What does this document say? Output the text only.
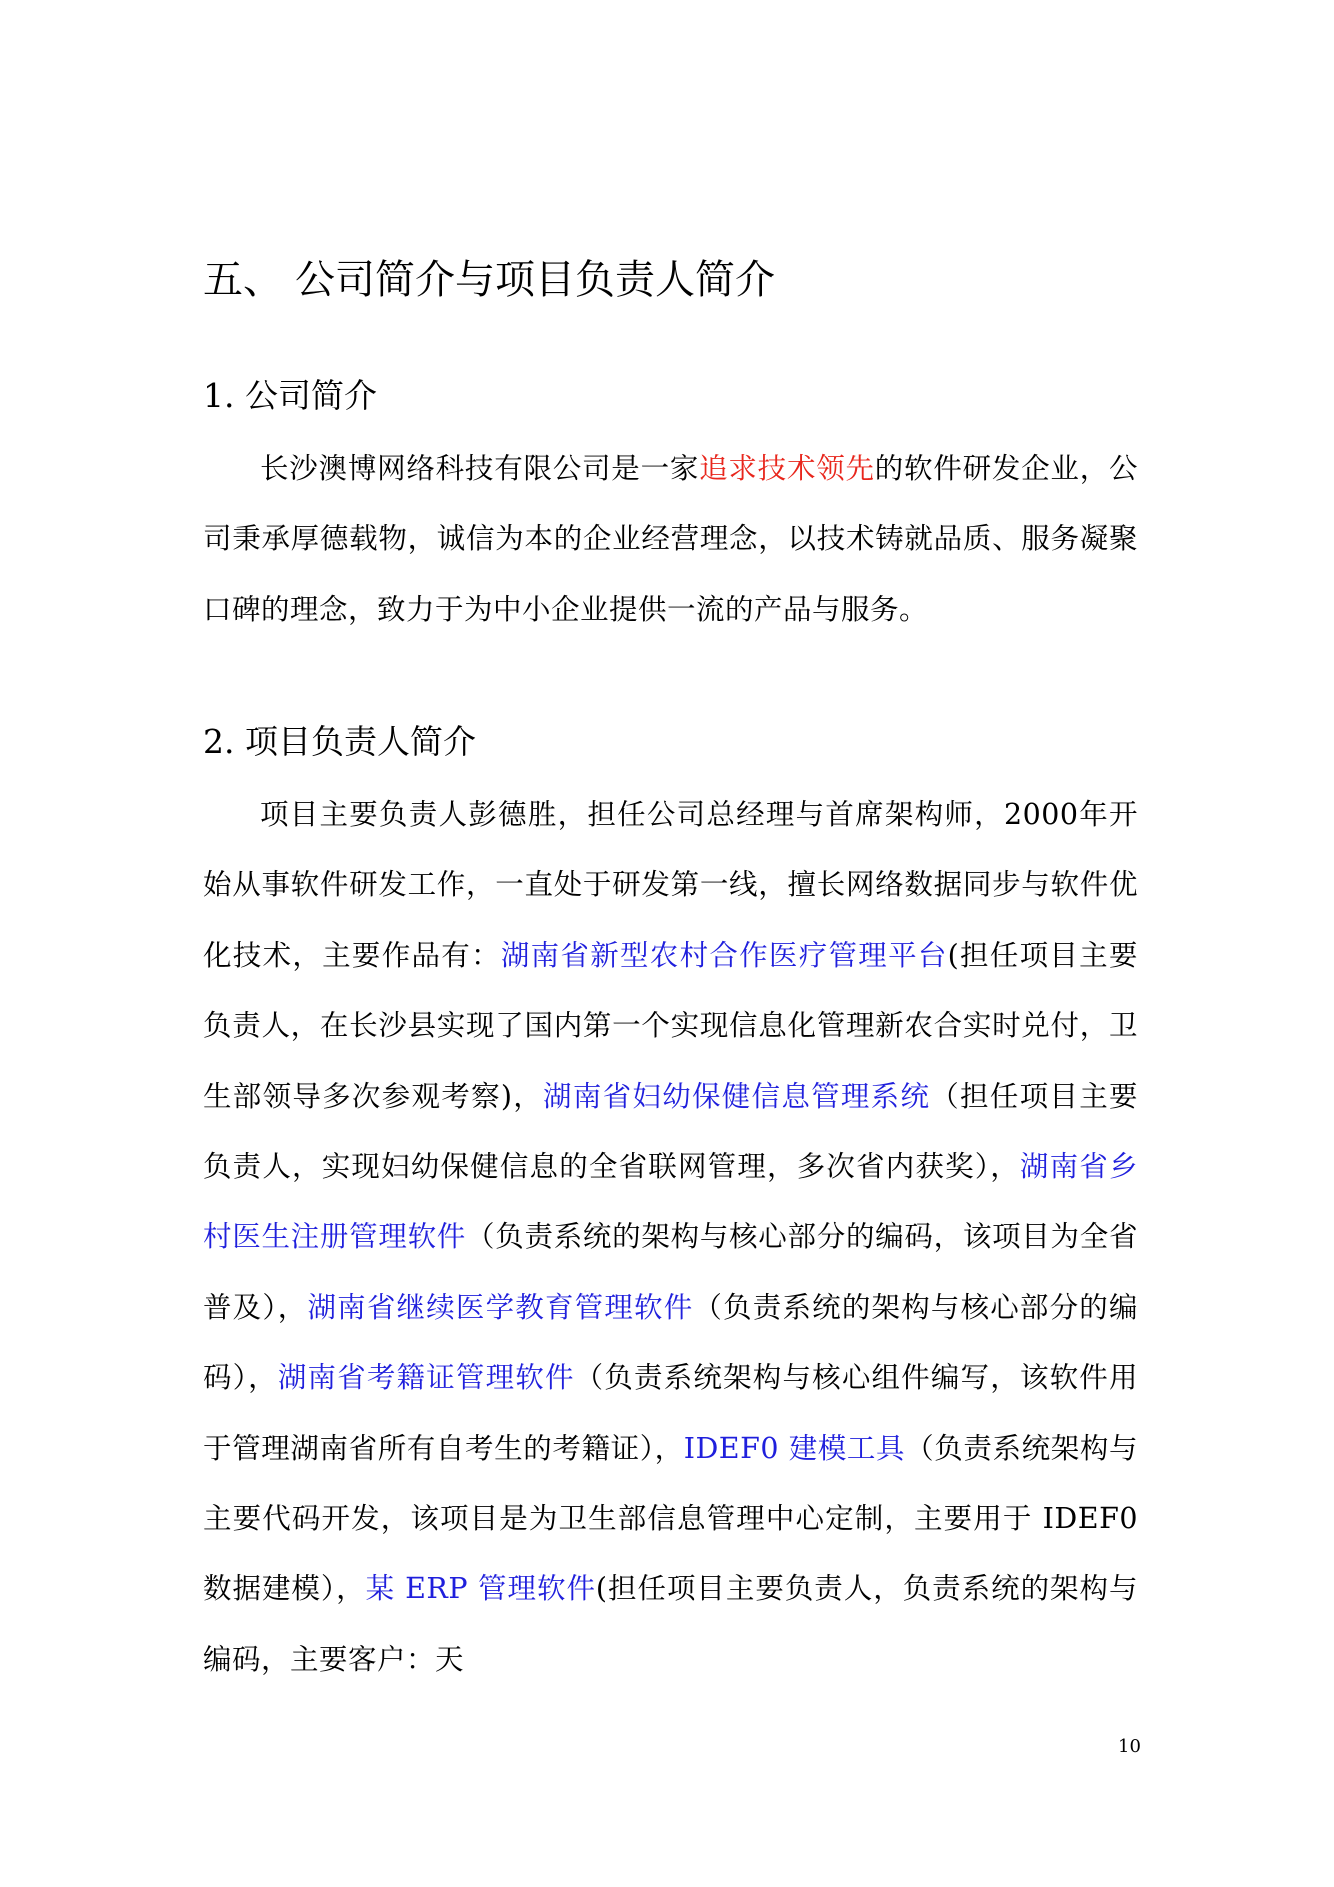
五、 公司简介与项目负责人简介
1. 公司简介

长沙澳博网络科技有限公司是一家追求技术领先的软件研发企业，公司秉承厚德载物，诚信为本的企业经营理念，以技术铸就品质、服务凝聚口碑的理念，致力于为中小企业提供一流的产品与服务。

2. 项目负责人简介

项目主要负责人彭德胜，担任公司总经理与首席架构师，2000年开始从事软件研发工作，一直处于研发第一线，擅长网络数据同步与软件优化技术，主要作品有：湖南省新型农村合作医疗管理平台(担任项目主要负责人，在长沙县实现了国内第一个实现信息化管理新农合实时兑付，卫生部领导多次参观考察)，湖南省妇幼保健信息管理系统（担任项目主要负责人，实现妇幼保健信息的全省联网管理，多次省内获奖），湖南省乡村医生注册管理软件（负责系统的架构与核心部分的编码，该项目为全省普及），湖南省继续医学教育管理软件（负责系统的架构与核心部分的编码），湖南省考籍证管理软件（负责系统架构与核心组件编写，该软件用于管理湖南省所有自考生的考籍证），IDEF0 建模工具（负责系统架构与主要代码开发，该项目是为卫生部信息管理中心定制，主要用于 IDEF0 数据建模），某 ERP 管理软件(担任项目主要负责人，负责系统的架构与编码，主要客户：天

10
